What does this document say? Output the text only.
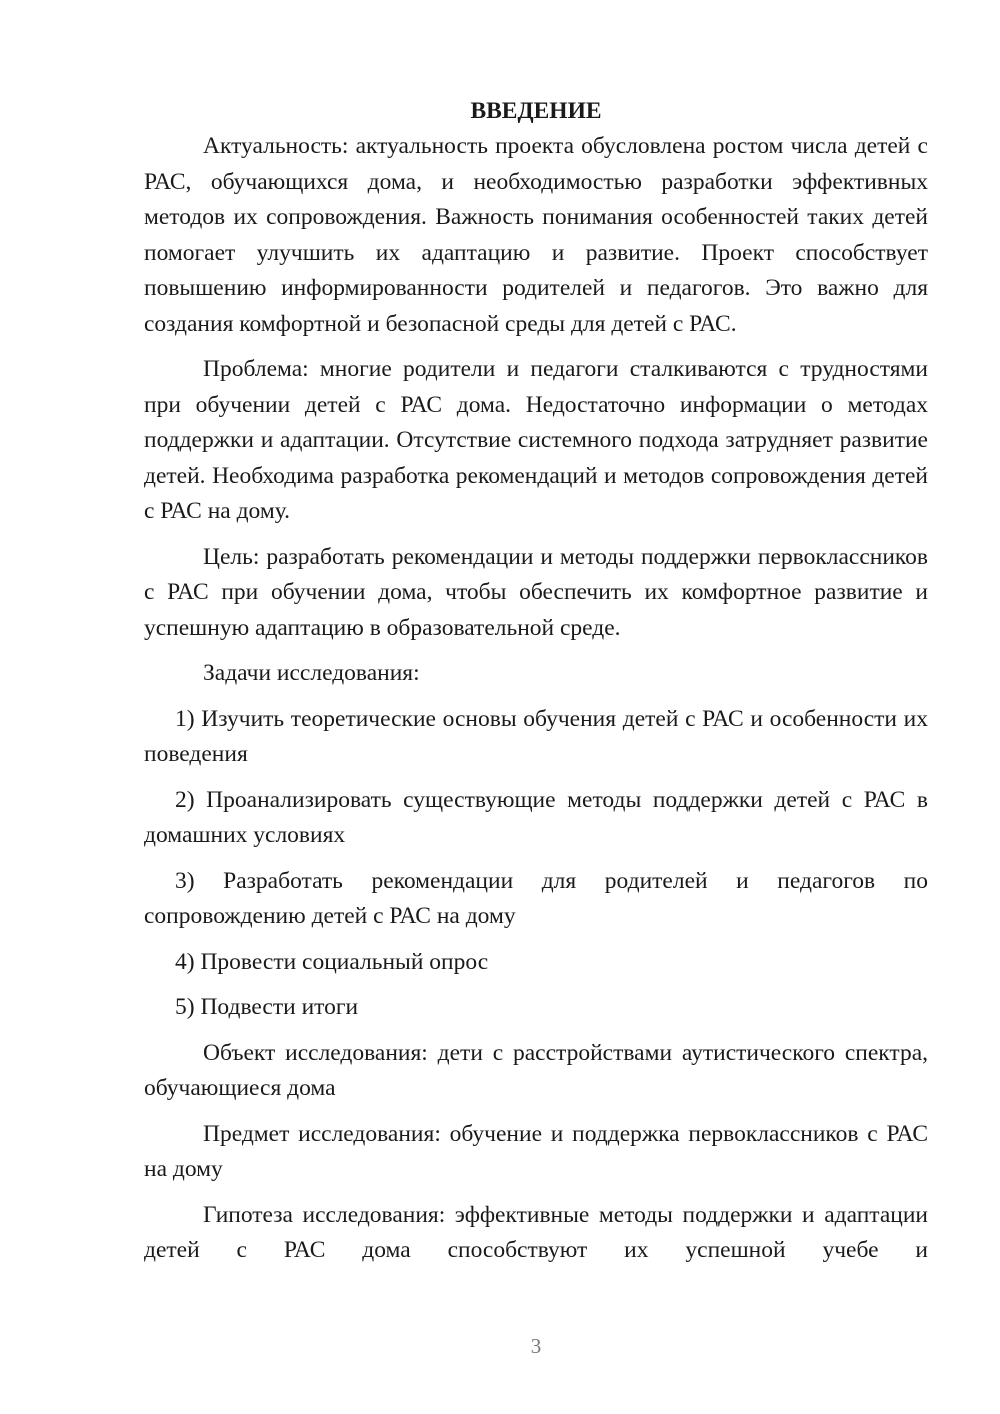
ВВЕДЕНИЕ
Актуальность: актуальность проекта обусловлена ростом числа детей с РАС, обучающихся дома, и необходимостью разработки эффективных методов их сопровождения. Важность понимания особенностей таких детей помогает улучшить их адаптацию и развитие. Проект способствует повышению информированности родителей и педагогов. Это важно для создания комфортной и безопасной среды для детей с РАС.
Проблема: многие родители и педагоги сталкиваются с трудностями при обучении детей с РАС дома. Недостаточно информации о методах поддержки и адаптации. Отсутствие системного подхода затрудняет развитие детей. Необходима разработка рекомендаций и методов сопровождения детей с РАС на дому.
Цель: разработать рекомендации и методы поддержки первоклассников с РАС при обучении дома, чтобы обеспечить их комфортное развитие и успешную адаптацию в образовательной среде.
Задачи исследования:
1) Изучить теоретические основы обучения детей с РАС и особенности их поведения
2) Проанализировать существующие методы поддержки детей с РАС в домашних условиях
3) Разработать рекомендации для родителей и педагогов по сопровождению детей с РАС на дому
4) Провести социальный опрос
5) Подвести итоги
Объект исследования: дети с расстройствами аутистического спектра, обучающиеся дома
Предмет исследования: обучение и поддержка первоклассников с РАС на дому
Гипотеза исследования: эффективные методы поддержки и адаптации детей с РАС дома способствуют их успешной учебе и
3
